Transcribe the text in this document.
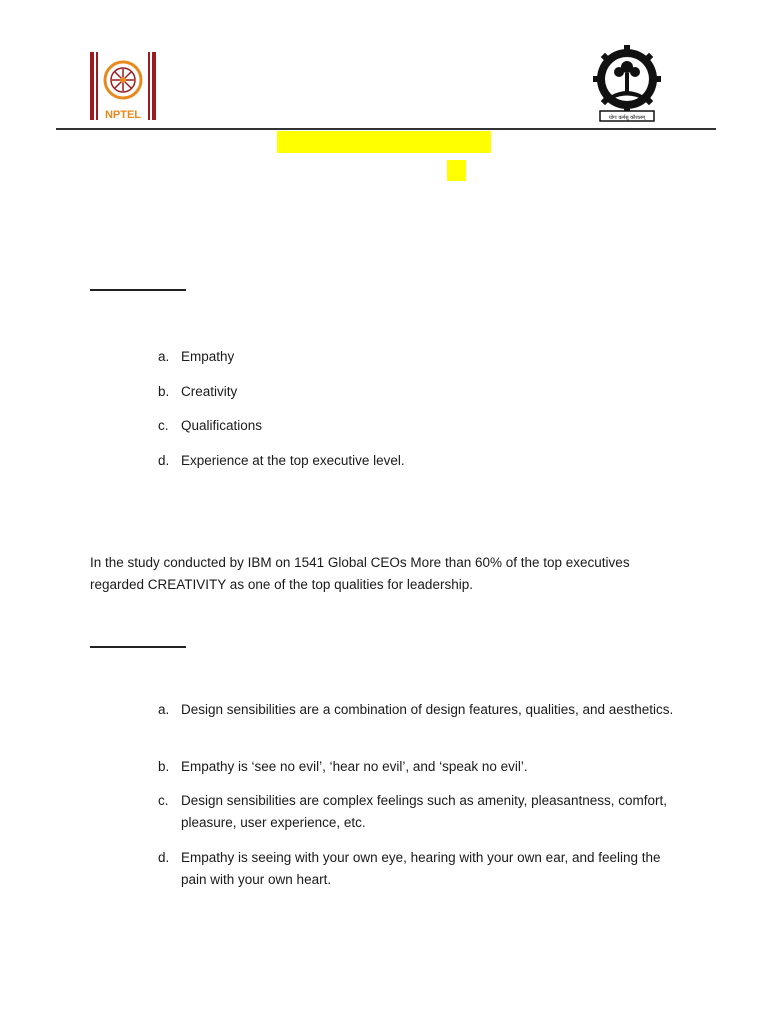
NPTEL	योगः कर्मसु कौशलम्
a. Empathy
b. Creativity
c. Qualifications
d. Experience at the top executive level.
In the study conducted by IBM on 1541 Global CEOs More than 60% of the top executives regarded CREATIVITY as one of the top qualities for leadership.
a. Design sensibilities are a combination of design features, qualities, and aesthetics.
b. Empathy is ‘see no evil’, ‘hear no evil’, and ‘speak no evil’.
c. Design sensibilities are complex feelings such as amenity, pleasantness, comfort, pleasure, user experience, etc.
d. Empathy is seeing with your own eye, hearing with your own ear, and feeling the pain with your own heart.
